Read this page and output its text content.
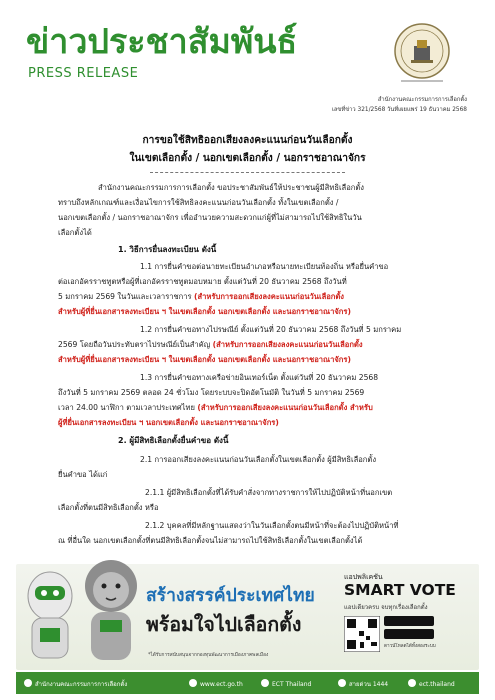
ข่าวประชาสัมพันธ์
PRESS RELEASE
สำนักงานคณะกรรมการการเลือกตั้ง
เลขที่ข่าว 321/2568 วันที่เผยแพร่ 19 ธันวาคม 2568
การขอใช้สิทธิออกเสียงลงคะแนนก่อนวันเลือกตั้ง
ในเขตเลือกตั้ง / นอกเขตเลือกตั้ง / นอกราชอาณาจักร
สำนักงานคณะกรรมการการเลือกตั้ง ขอประชาสัมพันธ์ให้ประชาชนผู้มีสิทธิเลือกตั้ง
ทราบถึงหลักเกณฑ์และเงื่อนไขการใช้สิทธิลงคะแนนก่อนวันเลือกตั้ง ทั้งในเขตเลือกตั้ง /
นอกเขตเลือกตั้ง / นอกราชอาณาจักร เพื่ออำนวยความสะดวกแก่ผู้ที่ไม่สามารถไปใช้สิทธิในวัน
เลือกตั้งได้
1. วิธีการยื่นลงทะเบียน ดังนี้
1.1 การยื่นคำขอต่อนายทะเบียนอำเภอหรือนายทะเบียนท้องถิ่น หรือยื่นคำขอ
ต่อเอกอัครราชทูตหรือผู้ที่เอกอัครราชทูตมอบหมาย ตั้งแต่วันที่ 20 ธันวาคม 2568 ถึงวันที่
5 มกราคม 2569 ในวันและเวลาราชการ (สำหรับการออกเสียงลงคะแนนก่อนวันเลือกตั้ง
สำหรับผู้ที่ยื่นเอกสารลงทะเบียน ฯ ในเขตเลือกตั้ง นอกเขตเลือกตั้ง และนอกราชอาณาจักร)
1.2 การยื่นคำขอทางไปรษณีย์ ตั้งแต่วันที่ 20 ธันวาคม 2568 ถึงวันที่ 5 มกราคม
2569 โดยถือวันประทับตราไปรษณีย์เป็นสำคัญ (สำหรับการออกเสียงลงคะแนนก่อนวันเลือกตั้ง
สำหรับผู้ที่ยื่นเอกสารลงทะเบียน ฯ ในเขตเลือกตั้ง นอกเขตเลือกตั้ง และนอกราชอาณาจักร)
1.3 การยื่นคำขอทางเครือข่ายอินเทอร์เน็ต ตั้งแต่วันที่ 20 ธันวาคม 2568
ถึงวันที่ 5 มกราคม 2569 ตลอด 24 ชั่วโมง โดยระบบจะปิดอัตโนมัติ ในวันที่ 5 มกราคม 2569
เวลา 24.00 นาฬิกา ตามเวลาประเทศไทย (สำหรับการออกเสียงลงคะแนนก่อนวันเลือกตั้ง สำหรับ
ผู้ที่ยื่นเอกสารลงทะเบียน ฯ นอกเขตเลือกตั้ง และนอกราชอาณาจักร)
2. ผู้มีสิทธิเลือกตั้งยื่นคำขอ ดังนี้
2.1 การออกเสียงลงคะแนนก่อนวันเลือกตั้งในเขตเลือกตั้ง ผู้มีสิทธิเลือกตั้ง
ยื่นคำขอ ได้แก่
2.1.1 ผู้มีสิทธิเลือกตั้งที่ได้รับคำสั่งจากทางราชการให้ไปปฏิบัติหน้าที่นอกเขต
เลือกตั้งที่ตนมีสิทธิเลือกตั้ง หรือ
2.1.2 บุคคลที่มีหลักฐานแสดงว่าในวันเลือกตั้งตนมีหน้าที่จะต้องไปปฏิบัติหน้าที่
ณ ที่อื่นใด นอกเขตเลือกตั้งที่ตนมีสิทธิเลือกตั้งจนไม่สามารถไปใช้สิทธิเลือกตั้งในเขตเลือกตั้งได้
สร้างสรรค์ประเทศไทย
พร้อมใจไปเลือกตั้ง
*ได้รับการสนับสนุนจากกองทุนพัฒนาการเมืองภาคพลเมือง
แอปพลิเคชัน
SMART VOTE
แอปเดียวครบ จบทุกเรื่องเลือกตั้ง
ดาวน์โหลดได้ทั้งสองระบบ
สำนักงานคณะกรรมการการเลือกตั้ง	www.ect.go.th	ECT Thailand	สายด่วน 1444	ect.thailand
